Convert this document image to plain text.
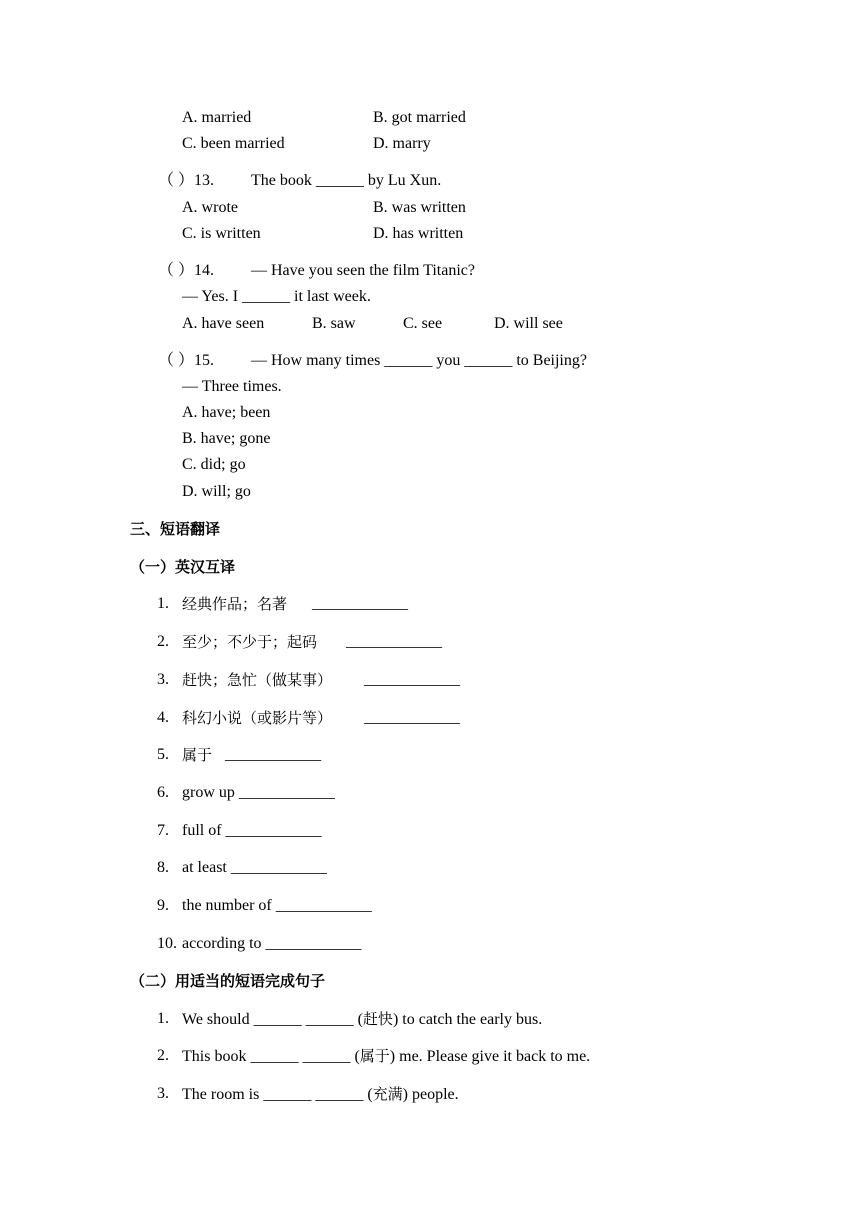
A. married	B. got married
C. been married	D. marry
（ ）13. The book ______ by Lu Xun.
A. wrote	B. was written
C. is written	D. has written
（ ）14. — Have you seen the film Titanic?
— Yes. I ______ it last week.
A. have seen	B. saw	C. see	D. will see
（ ）15. — How many times ______ you ______ to Beijing?
— Three times.
A. have; been
B. have; gone
C. did; go
D. will; go
三、短语翻译
（一）英汉互译
1. 经典作品；名著 ____________
2. 至少；不少于；起码 ____________
3. 赶快；急忙（做某事） ____________
4. 科幻小说（或影片等） ____________
5. 属于 ____________
6. grow up ____________
7. full of ____________
8. at least ____________
9. the number of ____________
10. according to ____________
（二）用适当的短语完成句子
1. We should ______ ______ (赶快) to catch the early bus.
2. This book ______ ______ (属于) me. Please give it back to me.
3. The room is ______ ______ (充满) people.
